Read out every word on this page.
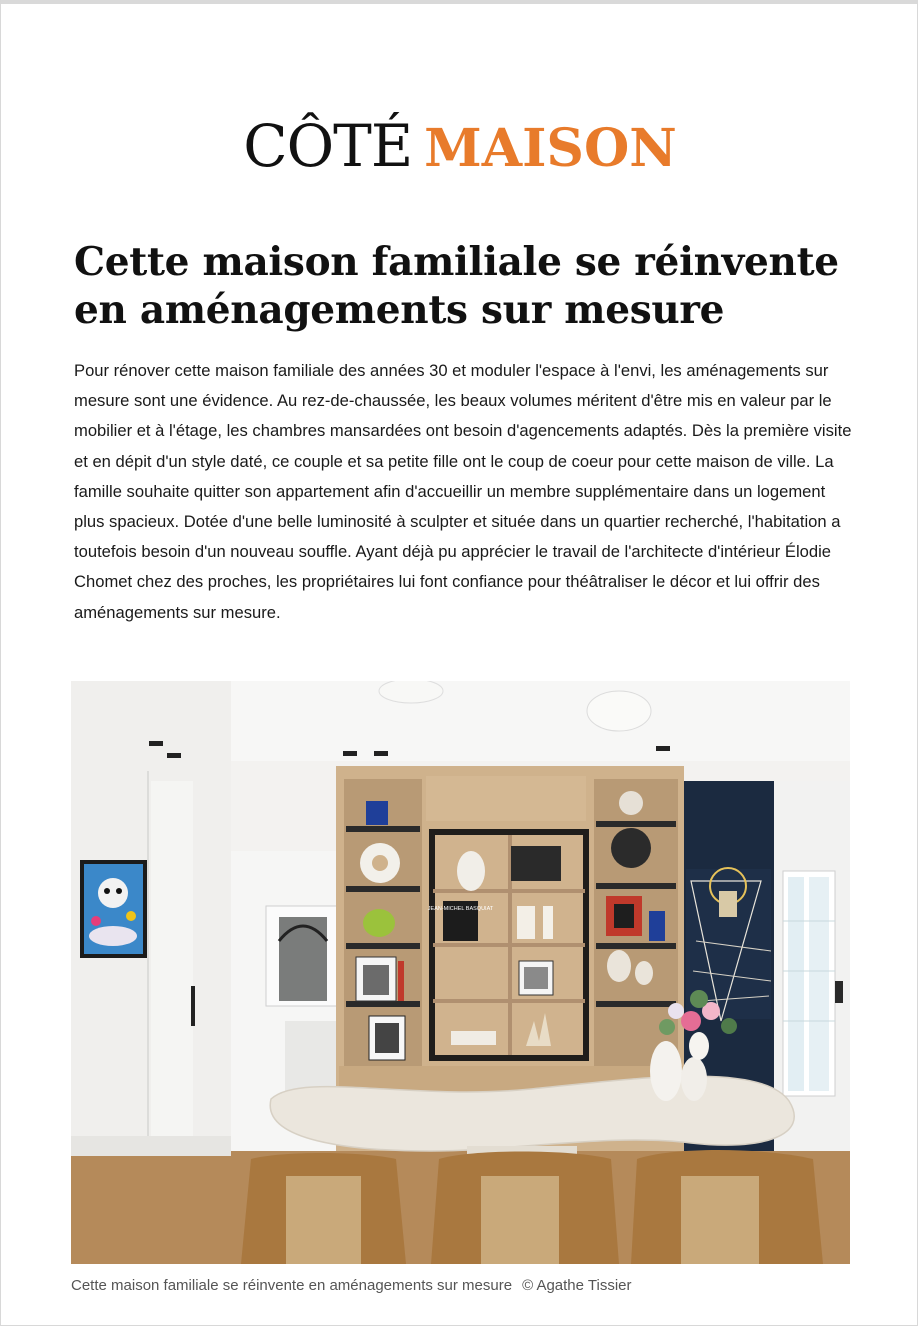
CÔTÉ MAISON
Cette maison familiale se réinvente en aménagements sur mesure

Pour rénover cette maison familiale des années 30 et moduler l'espace à l'envi, les aménagements sur mesure sont une évidence. Au rez-de-chaussée, les beaux volumes méritent d'être mis en valeur par le mobilier et à l'étage, les chambres mansardées ont besoin d'agencements adaptés. Dès la première visite et en dépit d'un style daté, ce couple et sa petite fille ont le coup de coeur pour cette maison de ville. La famille souhaite quitter son appartement afin d'accueillir un membre supplémentaire dans un logement plus spacieux. Dotée d'une belle luminosité à sculpter et située dans un quartier recherché, l'habitation a toutefois besoin d'un nouveau souffle. Ayant déjà pu apprécier le travail de l'architecte d'intérieur Élodie Chomet chez des proches, les propriétaires lui font confiance pour théâtraliser le décor et lui offrir des aménagements sur mesure.

JEAN-MICHEL BASQUIAT
Cette maison familiale se réinvente en aménagements sur mesure © Agathe Tissier
